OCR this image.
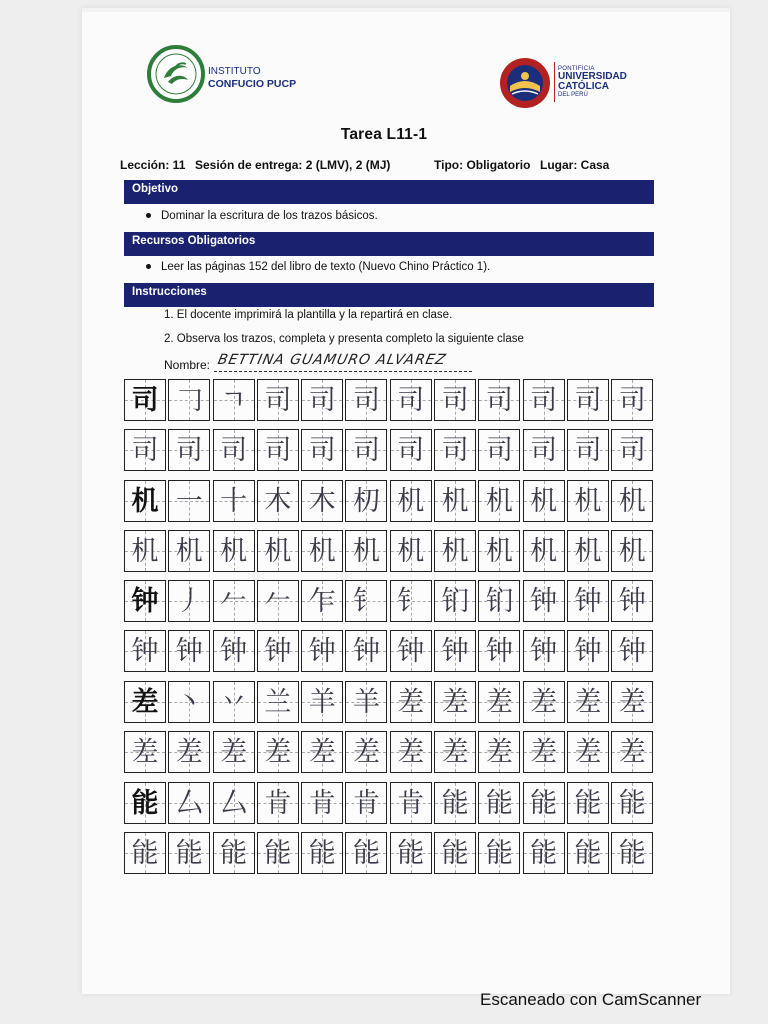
INSTITUTO
CONFUCIO PUCP
PONTIFICIA
UNIVERSIDAD
CATÓLICA
DEL PERÚ
Tarea L11-1
Lección: 11 Sesión de entrega: 2 (LMV), 2 (MJ)	Tipo: Obligatorio Lugar: Casa
Objetivo
Dominar la escritura de los trazos básicos.
Recursos Obligatorios
Leer las páginas 152 del libro de texto (Nuevo Chino Práctico 1).
Instrucciones
1. El docente imprimirá la plantilla y la repartirá en clase.
2. Observa los trazos, completa y presenta completo la siguiente clase
Nombre: BETTINA GUAMURO ALVAREZ
司 𠃌 ㄱ 司 司 司 司 司 司 司 司 司
司 司 司 司 司 司 司 司 司 司 司 司
机 一 十 木 木 朷 机 机 机 机 机 机
机 机 机 机 机 机 机 机 机 机 机 机
钟 丿 𠂉 𠂉 乍 钅 钅 钔 钔 钟 钟 钟
钟 钟 钟 钟 钟 钟 钟 钟 钟 钟 钟 钟
差 丶 丷 兰 羊 羊 差 差 差 差 差 差
差 差 差 差 差 差 差 差 差 差 差 差
能 厶 厶 肯 肯 肯 肯 能 能 能 能 能
能 能 能 能 能 能 能 能 能 能 能 能
Escaneado con CamScanner
